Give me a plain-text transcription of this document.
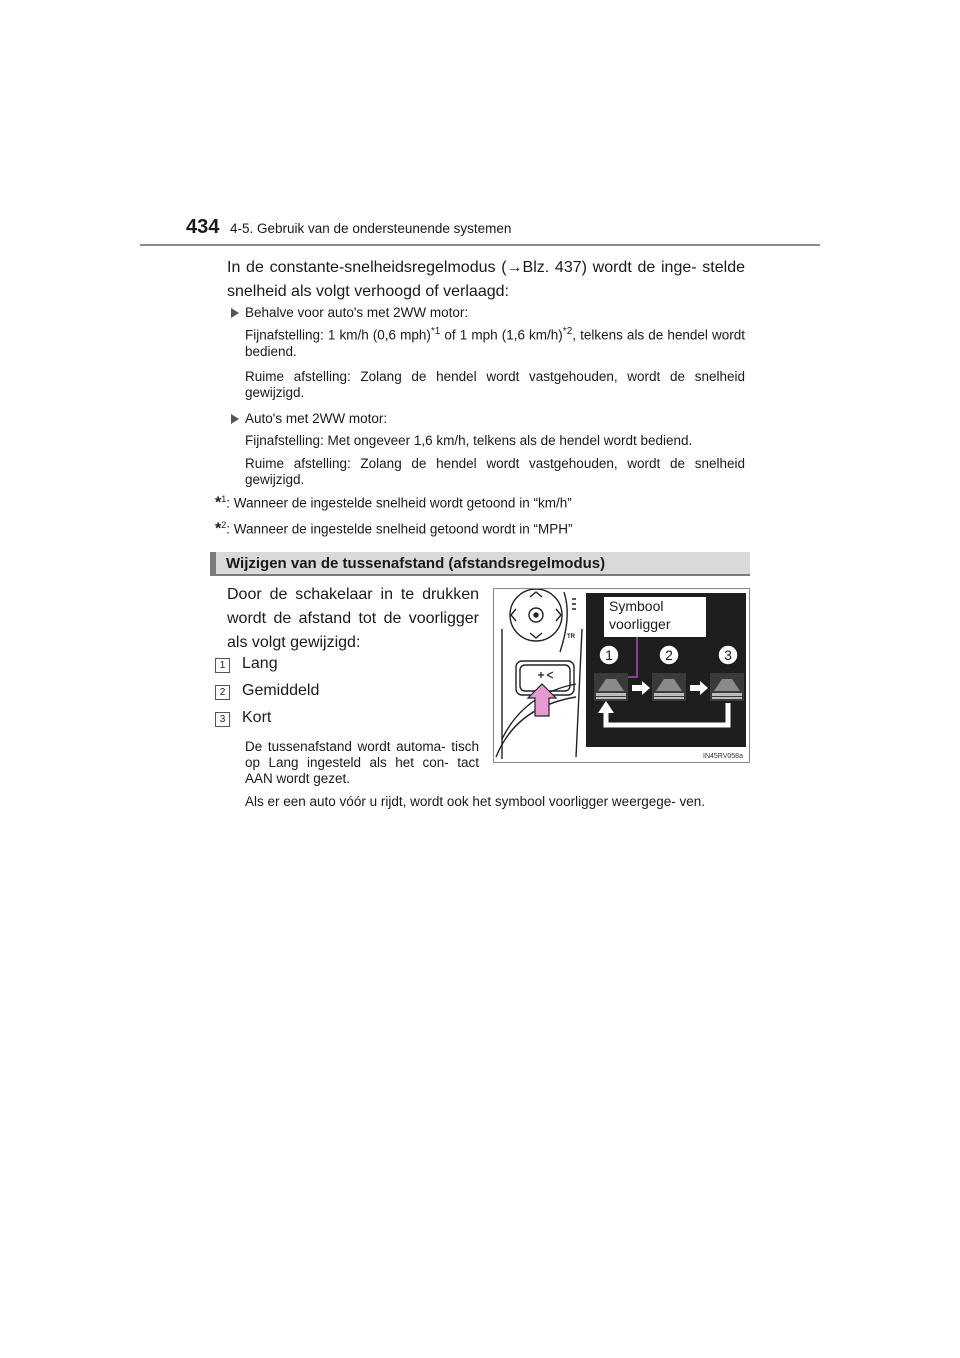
434 4-5. Gebruik van de ondersteunende systemen
In de constante-snelheidsregelmodus (→Blz. 437) wordt de inge- stelde snelheid als volgt verhoogd of verlaagd:
Behalve voor auto's met 2WW motor:
Fijnafstelling: 1 km/h (0,6 mph)$^{*1}$ of 1 mph (1,6 km/h)$^{*2}$, telkens als de hendel wordt bediend.
Ruime afstelling: Zolang de hendel wordt vastgehouden, wordt de snelheid gewijzigd.
Auto's met 2WW motor:
Fijnafstelling: Met ongeveer 1,6 km/h, telkens als de hendel wordt bediend.
Ruime afstelling: Zolang de hendel wordt vastgehouden, wordt de snelheid gewijzigd.
*$^1$: Wanneer de ingestelde snelheid wordt getoond in “km/h”
*$^2$: Wanneer de ingestelde snelheid getoond wordt in “MPH”
Wijzigen van de tussenafstand (afstandsregelmodus)
Door de schakelaar in te drukken wordt de afstand tot de voorligger als volgt gewijzigd:
1 Lang
2 Gemiddeld
3 Kort
De tussenafstand wordt automa- tisch op Lang ingesteld als het con- tact AAN wordt gezet.
Als er een auto vóór u rijdt, wordt ook het symbool voorligger weergege- ven.
TR
Symbool
voorligger
1	2	3
IN45RV058a
